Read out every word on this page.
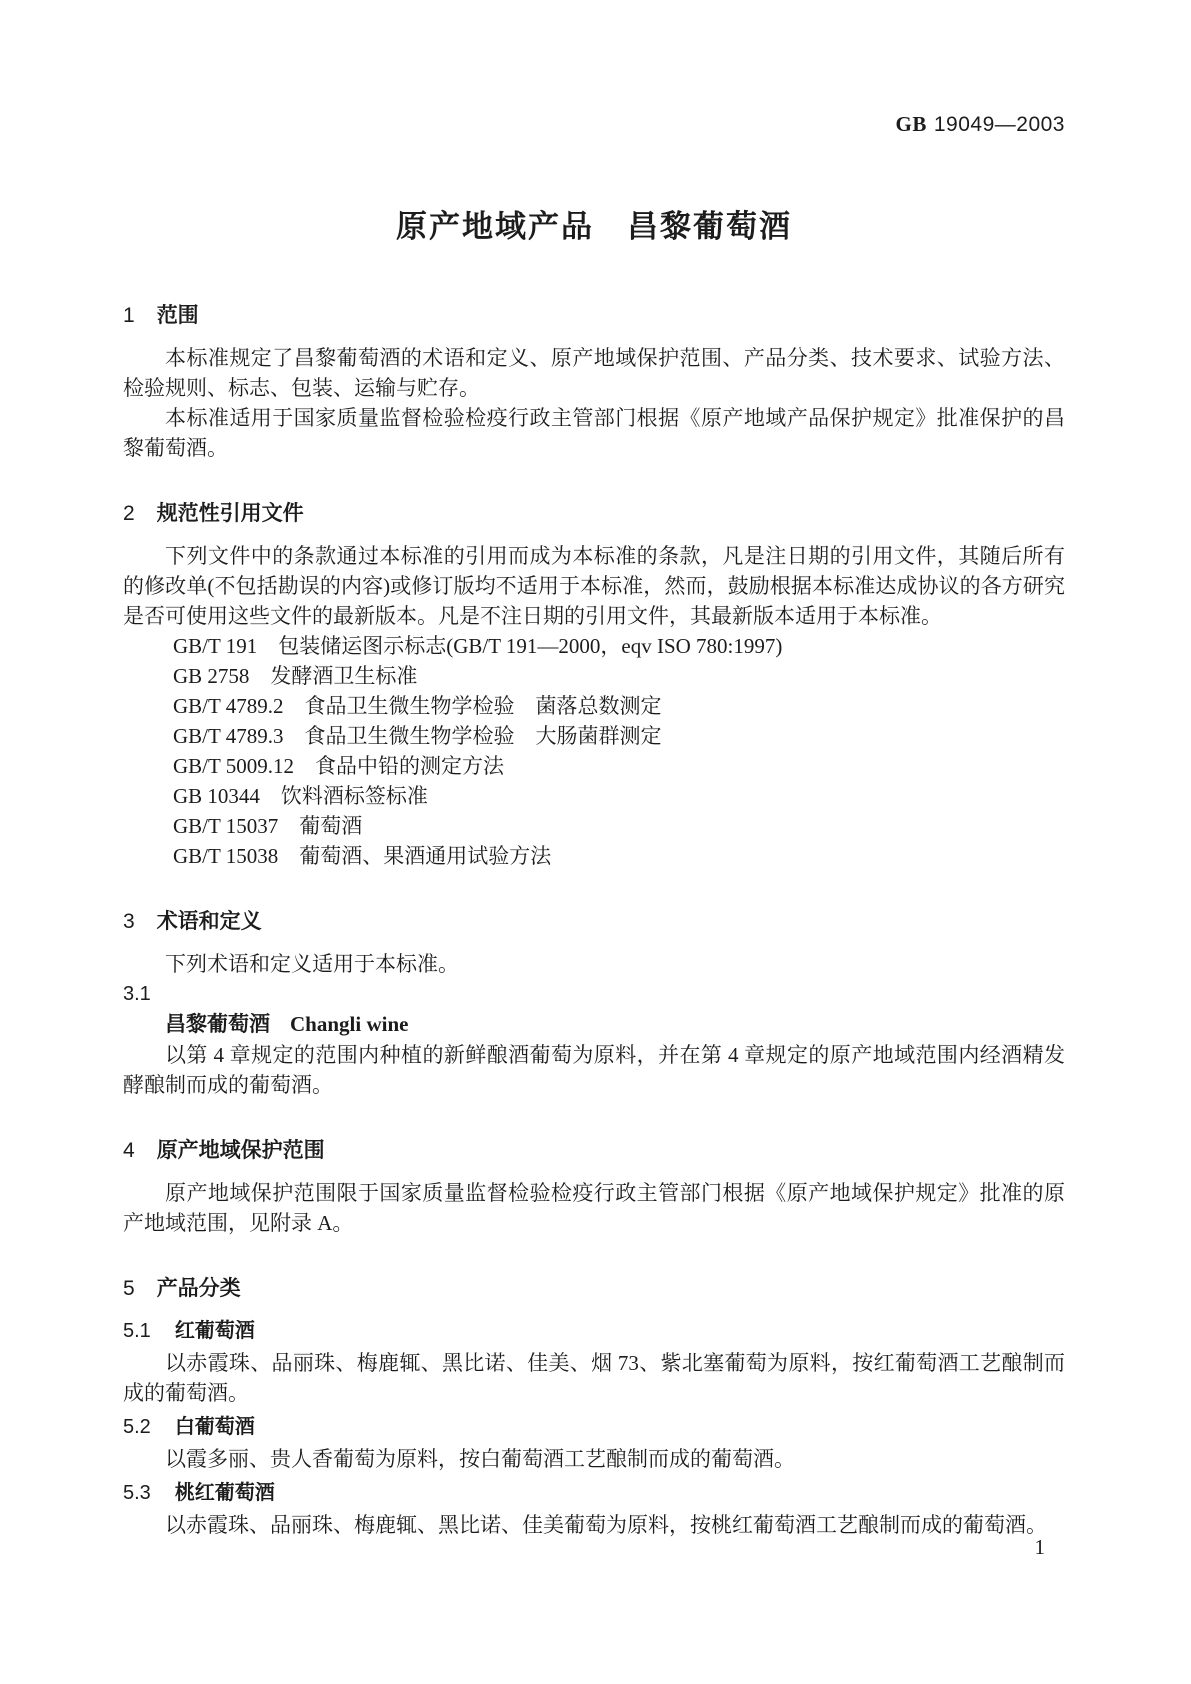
GB 19049—2003
原产地域产品　昌黎葡萄酒
1 范围

本标准规定了昌黎葡萄酒的术语和定义、原产地域保护范围、产品分类、技术要求、试验方法、检验规则、标志、包装、运输与贮存。

本标准适用于国家质量监督检验检疫行政主管部门根据《原产地域产品保护规定》批准保护的昌黎葡萄酒。

2 规范性引用文件

下列文件中的条款通过本标准的引用而成为本标准的条款，凡是注日期的引用文件，其随后所有的修改单(不包括勘误的内容)或修订版均不适用于本标准，然而，鼓励根据本标准达成协议的各方研究是否可使用这些文件的最新版本。凡是不注日期的引用文件，其最新版本适用于本标准。

GB/T 191　包装储运图示标志(GB/T 191—2000，eqv ISO 780:1997)

GB 2758　发酵酒卫生标准

GB/T 4789.2　食品卫生微生物学检验　菌落总数测定

GB/T 4789.3　食品卫生微生物学检验　大肠菌群测定

GB/T 5009.12　食品中铅的测定方法

GB 10344　饮料酒标签标准

GB/T 15037　葡萄酒

GB/T 15038　葡萄酒、果酒通用试验方法

3 术语和定义

下列术语和定义适用于本标准。

3.1
昌黎葡萄酒 Changli wine

以第 4 章规定的范围内种植的新鲜酿酒葡萄为原料，并在第 4 章规定的原产地域范围内经酒精发酵酿制而成的葡萄酒。

4 原产地域保护范围

原产地域保护范围限于国家质量监督检验检疫行政主管部门根据《原产地域保护规定》批准的原产地域范围，见附录 A。

5 产品分类
5.1 红葡萄酒

以赤霞珠、品丽珠、梅鹿辄、黑比诺、佳美、烟 73、紫北塞葡萄为原料，按红葡萄酒工艺酿制而成的葡萄酒。

5.2 白葡萄酒

以霞多丽、贵人香葡萄为原料，按白葡萄酒工艺酿制而成的葡萄酒。

5.3 桃红葡萄酒

以赤霞珠、品丽珠、梅鹿辄、黑比诺、佳美葡萄为原料，按桃红葡萄酒工艺酿制而成的葡萄酒。

1
